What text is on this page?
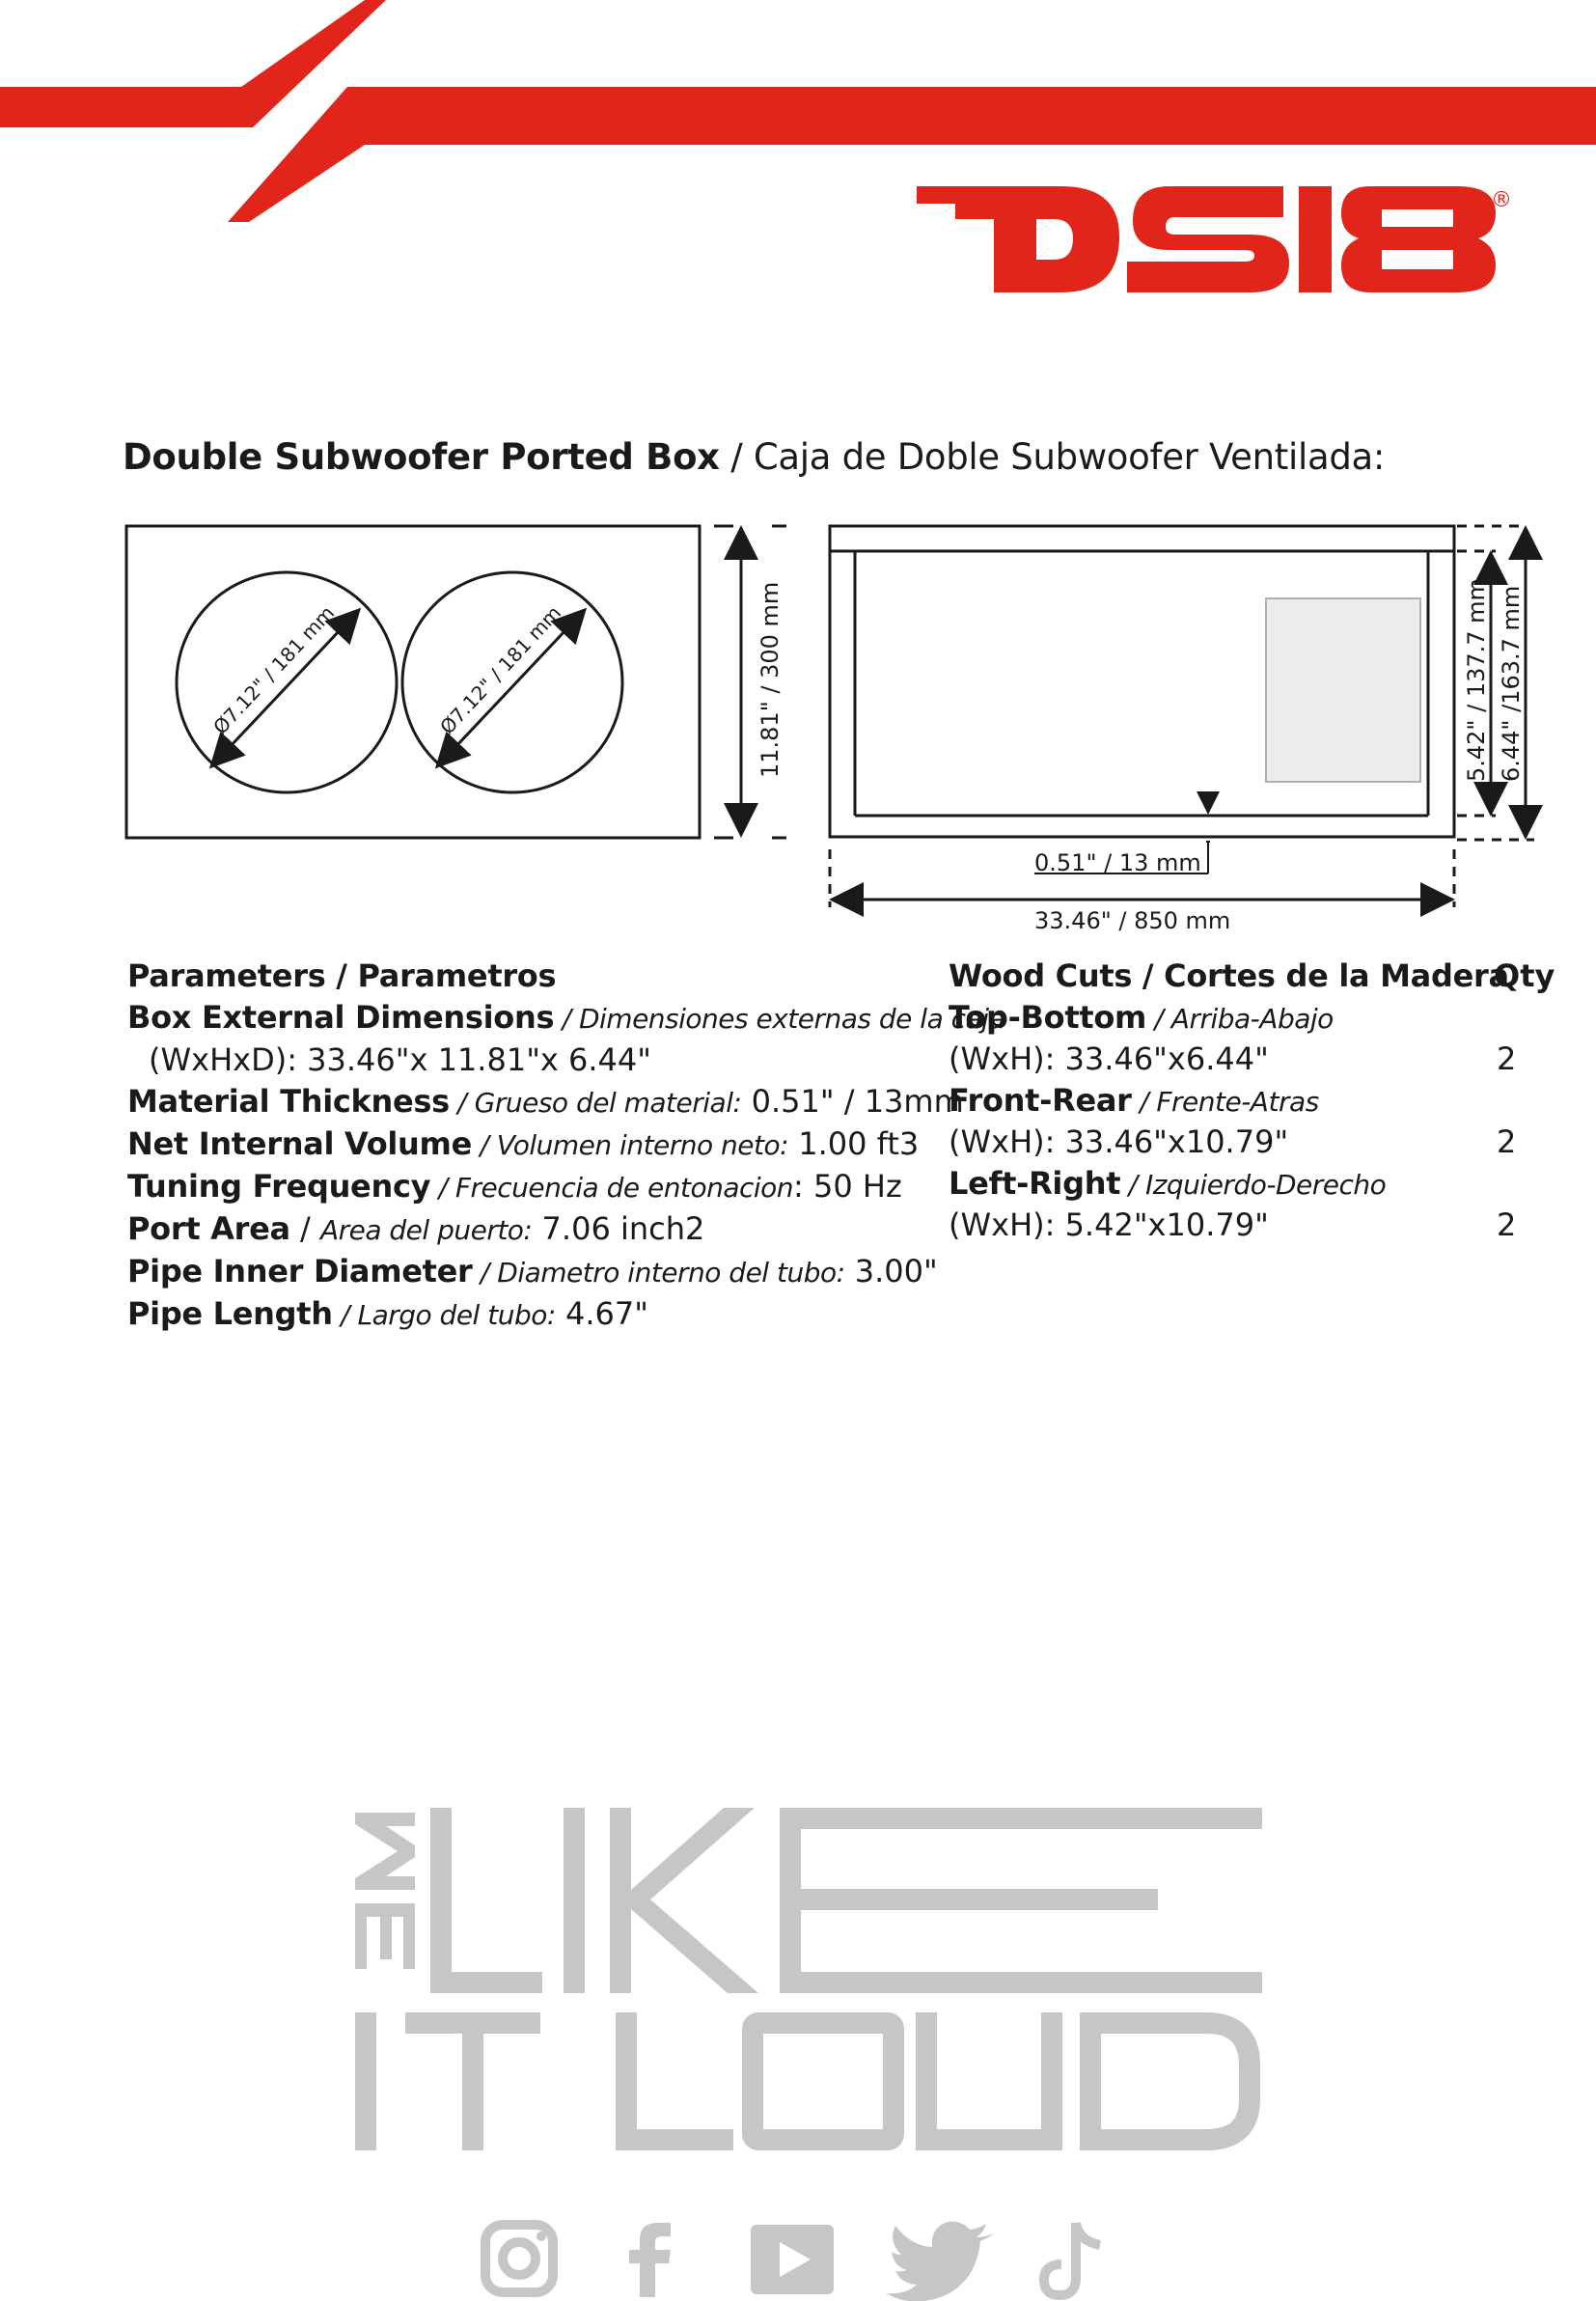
®
Double Subwoofer Ported Box / Caja de Doble Subwoofer Ventilada:
Ø7.12" / 181 mm	Ø7.12" / 181 mm	11.81" / 300 mm	5.42" / 137.7 mm 6.44" /163.7 mm
0.51" / 13 mm
33.46" / 850 mm
Parameters / Parametros
Box External Dimensions / Dimensiones externas de la caja
(WxHxD): 33.46"x 11.81"x 6.44"
Material Thickness / Grueso del material: 0.51" / 13mm
Net Internal Volume / Volumen interno neto: 1.00 ft3
Tuning Frequency / Frecuencia de entonacion: 50 Hz
Port Area / Area del puerto: 7.06 inch2
Pipe Inner Diameter / Diametro interno del tubo: 3.00"
Pipe Length / Largo del tubo: 4.67"
Wood Cuts / Cortes de la Madera
Qty
Top-Bottom / Arriba-Abajo
(WxH): 33.46"x6.44"	2
Front-Rear / Frente-Atras
(WxH): 33.46"x10.79"	2
Left-Right / Izquierdo-Derecho
(WxH): 5.42"x10.79"	2
